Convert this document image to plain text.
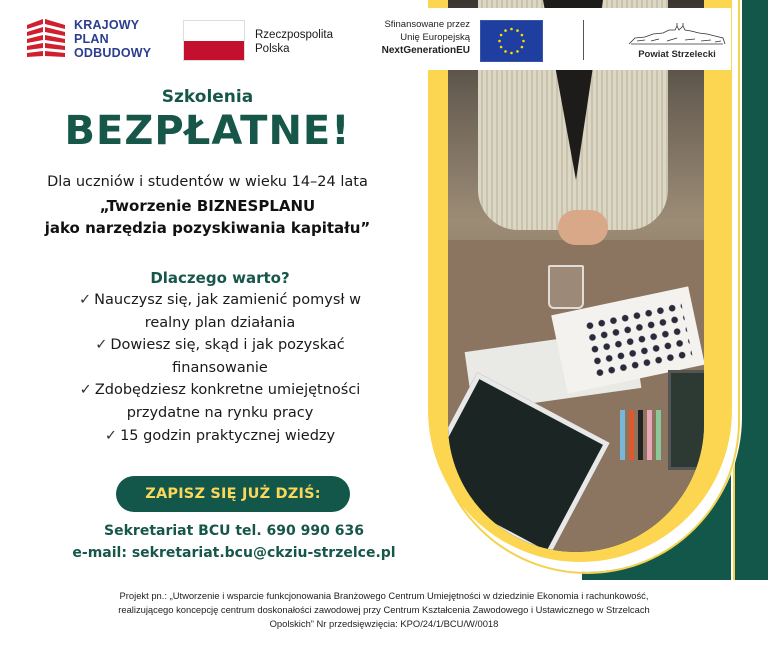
KRAJOWY
PLAN
ODBUDOWY
Rzeczpospolita
Polska
Sfinansowane przez
Unię Europejską
NextGenerationEU	Powiat Strzelecki
Szkolenia
BEZPŁATNE!
Dla uczniów i studentów w wieku 14–24 lata
„Tworzenie BIZNESPLANU
jako narzędzia pozyskiwania kapitału”
Dlaczego warto?
✓ Nauczysz się, jak zamienić pomysł w
realny plan działania
✓ Dowiesz się, skąd i jak pozyskać
finansowanie
✓ Zdobędziesz konkretne umiejętności
przydatne na rynku pracy
✓ 15 godzin praktycznej wiedzy
ZAPISZ SIĘ JUŻ DZIŚ:
Sekretariat BCU tel. 690 990 636
e-mail: sekretariat.bcu@ckziu-strzelce.pl
Projekt pn.: „Utworzenie i wsparcie funkcjonowania Branżowego Centrum Umiejętności w dziedzinie Ekonomia i rachunkowość,
realizującego koncepcję centrum doskonałości zawodowej przy Centrum Kształcenia Zawodowego i Ustawicznego w Strzelcach
Opolskich” Nr przedsięwzięcia: KPO/24/1/BCU/W/0018
